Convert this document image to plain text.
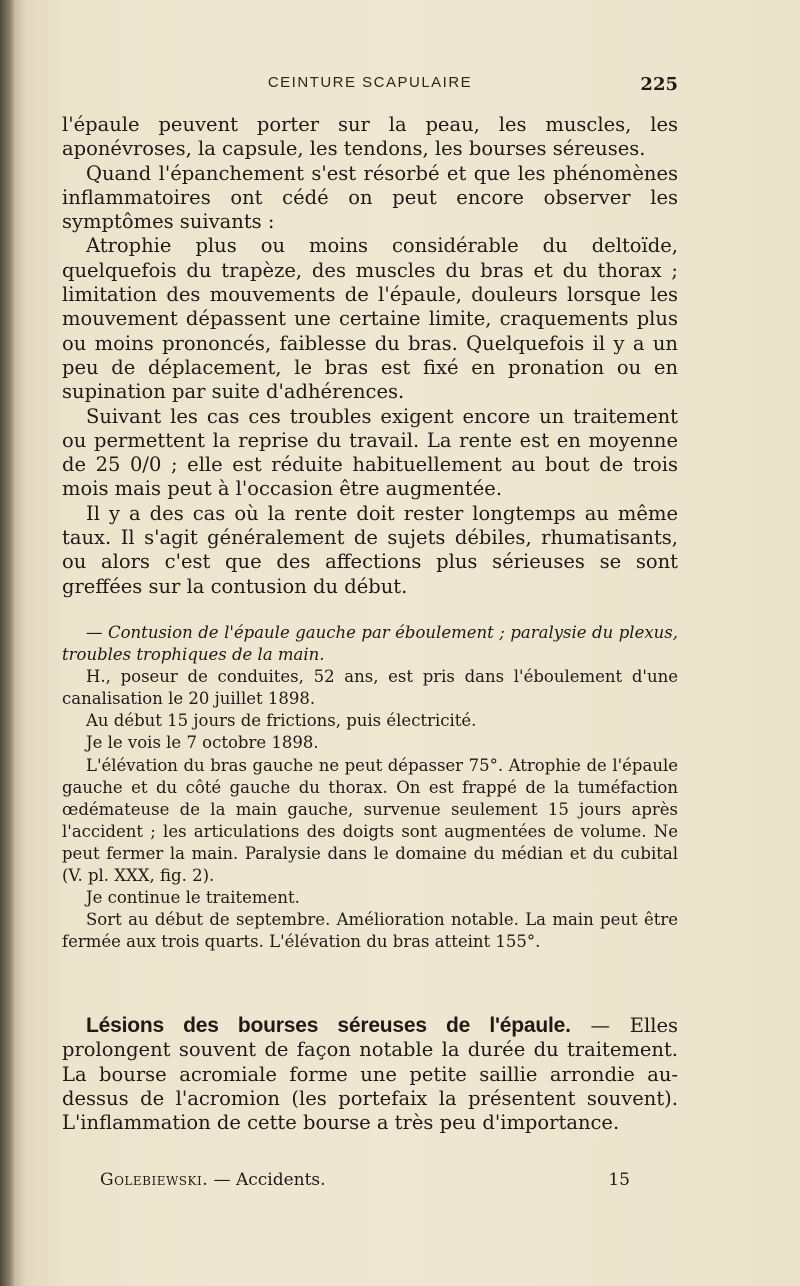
CEINTURE SCAPULAIRE	225

l'épaule peuvent porter sur la peau, les muscles, les aponévroses, la capsule, les tendons, les bourses séreuses.

Quand l'épanchement s'est résorbé et que les phénomènes inflammatoires ont cédé on peut encore observer les symptômes suivants :

Atrophie plus ou moins considérable du deltoïde, quelquefois du trapèze, des muscles du bras et du thorax ; limitation des mouvements de l'épaule, douleurs lorsque les mouvement dépassent une certaine limite, craquements plus ou moins prononcés, faiblesse du bras. Quelquefois il y a un peu de déplacement, le bras est fixé en pronation ou en supination par suite d'adhérences.

Suivant les cas ces troubles exigent encore un traitement ou permettent la reprise du travail. La rente est en moyenne de 25 0/0 ; elle est réduite habituellement au bout de trois mois mais peut à l'occasion être augmentée.

Il y a des cas où la rente doit rester longtemps au même taux. Il s'agit généralement de sujets débiles, rhumatisants, ou alors c'est que des affections plus sérieuses se sont greffées sur la contusion du début.

— Contusion de l'épaule gauche par éboulement ; paralysie du plexus, troubles trophiques de la main.

H., poseur de conduites, 52 ans, est pris dans l'éboulement d'une canalisation le 20 juillet 1898.

Au début 15 jours de frictions, puis électricité.

Je le vois le 7 octobre 1898.

L'élévation du bras gauche ne peut dépasser 75°. Atrophie de l'épaule gauche et du côté gauche du thorax. On est frappé de la tuméfaction œdémateuse de la main gauche, survenue seulement 15 jours après l'accident ; les articulations des doigts sont augmentées de volume. Ne peut fermer la main. Paralysie dans le domaine du médian et du cubital (V. pl. XXX, fig. 2).

Je continue le traitement.

Sort au début de septembre. Amélioration notable. La main peut être fermée aux trois quarts. L'élévation du bras atteint 155°.

Lésions des bourses séreuses de l'épaule. — Elles prolongent souvent de façon notable la durée du traitement. La bourse acromiale forme une petite saillie arrondie au-dessus de l'acromion (les portefaix la présentent souvent). L'inflammation de cette bourse a très peu d'importance.

Golebiewski. — Accidents.	15
